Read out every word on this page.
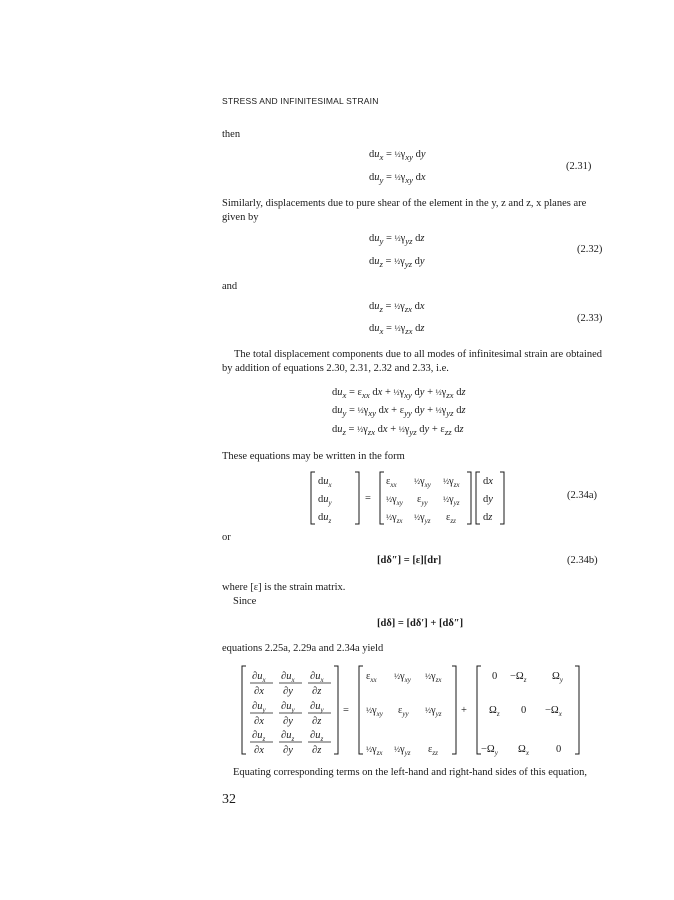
STRESS AND INFINITESIMAL STRAIN
then
$du_x$ = $\frac{1}{2}\gamma_{xy}$ dy
$du_y$ = $\frac{1}{2}\gamma_{xy}$ dx
(2.31)
Similarly, displacements due to pure shear of the element in the y, z and z, x planes are given by
$du_y$ = $\frac{1}{2}\gamma_{yz}$ dz
$du_z$ = $\frac{1}{2}\gamma_{yz}$ dy
(2.32)
and
$du_z$ = $\frac{1}{2}\gamma_{zx}$ dx
$du_x$ = $\frac{1}{2}\gamma_{zx}$ dz
(2.33)
The total displacement components due to all modes of infinitesimal strain are obtained by addition of equations 2.30, 2.31, 2.32 and 2.33, i.e.
$du_x = \varepsilon_{xx}$ dx + $\frac{1}{2}\gamma_{xy}$ dy + $\frac{1}{2}\gamma_{zx}$ dz
$du_y$ = $\frac{1}{2}\gamma_{xy}$ dx + $\varepsilon_{yy}$ dy + $\frac{1}{2}\gamma_{yz}$ dz
$du_z$ = $\frac{1}{2}\gamma_{zx}$ dx + $\frac{1}{2}\gamma_{yz}$ dy + $\varepsilon_{zz}$ dz
These equations may be written in the form
$du_x$
$du_y$
$du_z$
=
$\varepsilon_{xx}$ $\frac{1}{2}\gamma_{xy}$ $\frac{1}{2}\gamma_{zx}$
$\frac{1}{2}\gamma_{xy}$ $\varepsilon_{yy}$ $\frac{1}{2}\gamma_{yz}$
$\frac{1}{2}\gamma_{zx}$ $\frac{1}{2}\gamma_{yz}$ $\varepsilon_{zz}$
dx
dy
dz
(2.34a)
or
[dδ″] = [ε][dr]	(2.34b)
where [ε] is the strain matrix.
Since
[dδ] = [dδ′] + [dδ″]
equations 2.25a, 2.29a and 2.34a yield
$\partial u_x$ $\partial u_x$ $\partial u_x$
∂x ∂y ∂z
$\partial u_y$ $\partial u_y$ $\partial u_y$
∂x ∂y ∂z
$\partial u_z$ $\partial u_z$ $\partial u_z$
∂x ∂y ∂z
=
$\varepsilon_{xx}$ $\frac{1}{2}\gamma_{xy}$ $\frac{1}{2}\gamma_{zx}$
$\frac{1}{2}\gamma_{xy}$ $\varepsilon_{yy}$ $\frac{1}{2}\gamma_{yz}$
$\frac{1}{2}\gamma_{zx}$ $\frac{1}{2}\gamma_{yz}$ $\varepsilon_{zz}$
+
$0 -\Omega_z$ $\Omega_y$
$\Omega_z$ $0 -\Omega_x$
$-\Omega_y$ $\Omega_x$	0
Equating corresponding terms on the left-hand and right-hand sides of this equation,
32
